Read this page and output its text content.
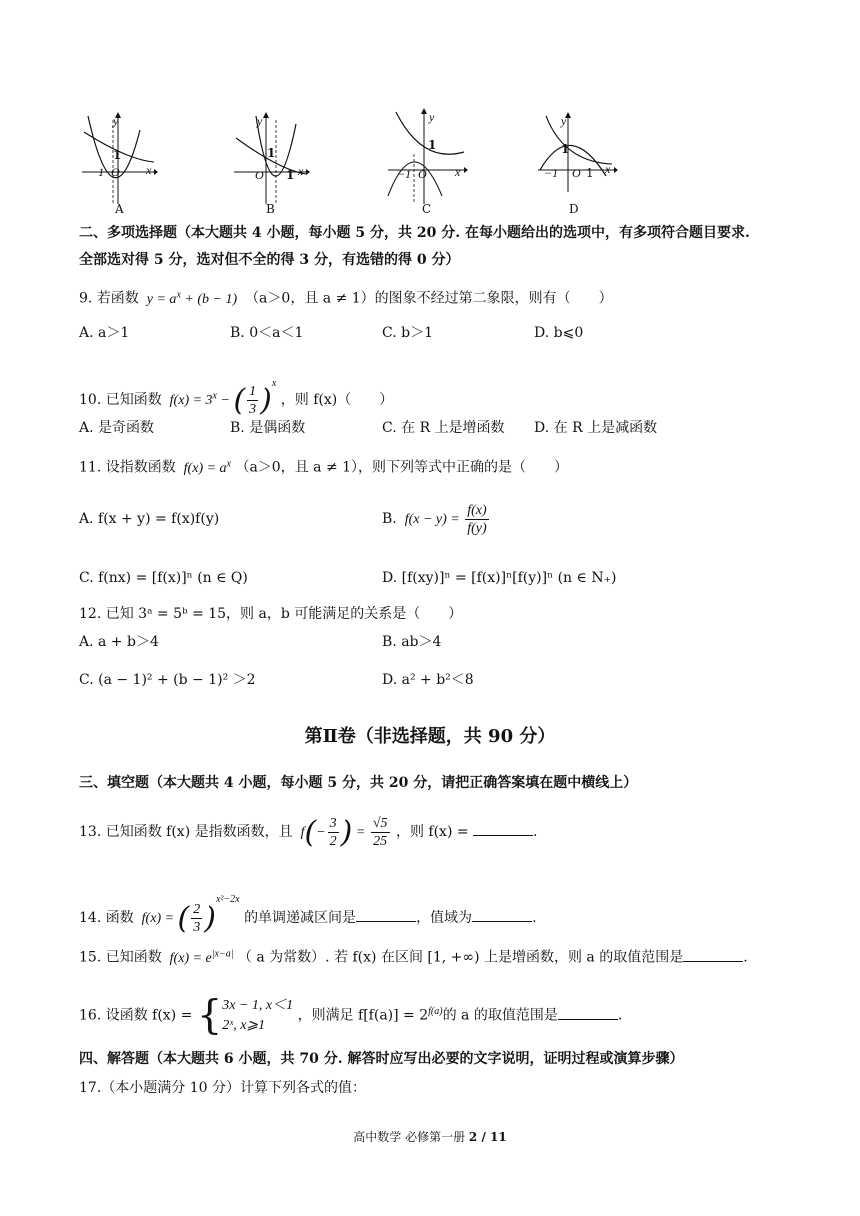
−1 O x
y
1
A
O 1 x
y
1
B
−1 O x
y
1
C
−1 O 1 x
y
1
D
二、多项选择题（本大题共 4 小题，每小题 5 分，共 20 分. 在每小题给出的选项中，有多项符合题目要求.
全部选对得 5 分，选对但不全的得 3 分，有选错的得 0 分）
9. 若函数  $y = a^x + (b - 1)$  （a＞0，且 a ≠ 1）的图象不经过第二象限，则有（　　）
A. a＞1	B. 0＜a＜1	C. b＞1	D. b⩽0
10. 已知函数  $f(x) = 3^x$ − ( $\frac{1}{3} )^x$ ，则 f(x)（　　）
A. 是奇函数	B. 是偶函数	C. 在 R 上是增函数 D. 在 R 上是减函数
11. 设指数函数  $f(x) = a^x$ （a＞0，且 a ≠ 1），则下列等式中正确的是（　　）
A. f(x + y) = f(x)f(y)	B.  $f(x - y) = \frac{f(x)}{f(y)}$
C. f(nx) = [f(x)]ⁿ (n ∈ Q)	D. [f(xy)]ⁿ = [f(x)]ⁿ[f(y)]ⁿ (n ∈ N₊)
12. 已知 3ᵃ = 5ᵇ = 15，则 a，b 可能满足的关系是（　　）
A. a + b＞4	B. ab＞4
C. (a − 1)² + (b − 1)² ＞2	D. a² + b²＜8
第Ⅱ卷（非选择题，共 90 分）
三、填空题（本大题共 4 小题，每小题 5 分，共 20 分，请把正确答案填在题中横线上）
13. 已知函数 f(x) 是指数函数，且  $f(- \frac{3}{2}$ ) = $\frac{√5}{25}$ ，则 f(x) =	.
14. 函数  f(x) = ( $\frac{2}{3} )^{x^2-2x}$ 的单调递减区间是	，值域为	.
15. 已知函数  $f(x) = e^{|x-a|}$ （ a 为常数）. 若 f(x) 在区间 [1, +∞) 上是增函数，则 a 的取值范围是	.
16. 设函数 f(x) = { 3x − 1, x＜1
2ˣ, x⩾1
，则满足 $f[f(a)] = 2^{f(a)}$的 a 的取值范围是	.
四、解答题（本大题共 6 小题，共 70 分. 解答时应写出必要的文字说明，证明过程或演算步骤）
17.（本小题满分 10 分）计算下列各式的值：
高中数学 必修第一册 2 / 11
